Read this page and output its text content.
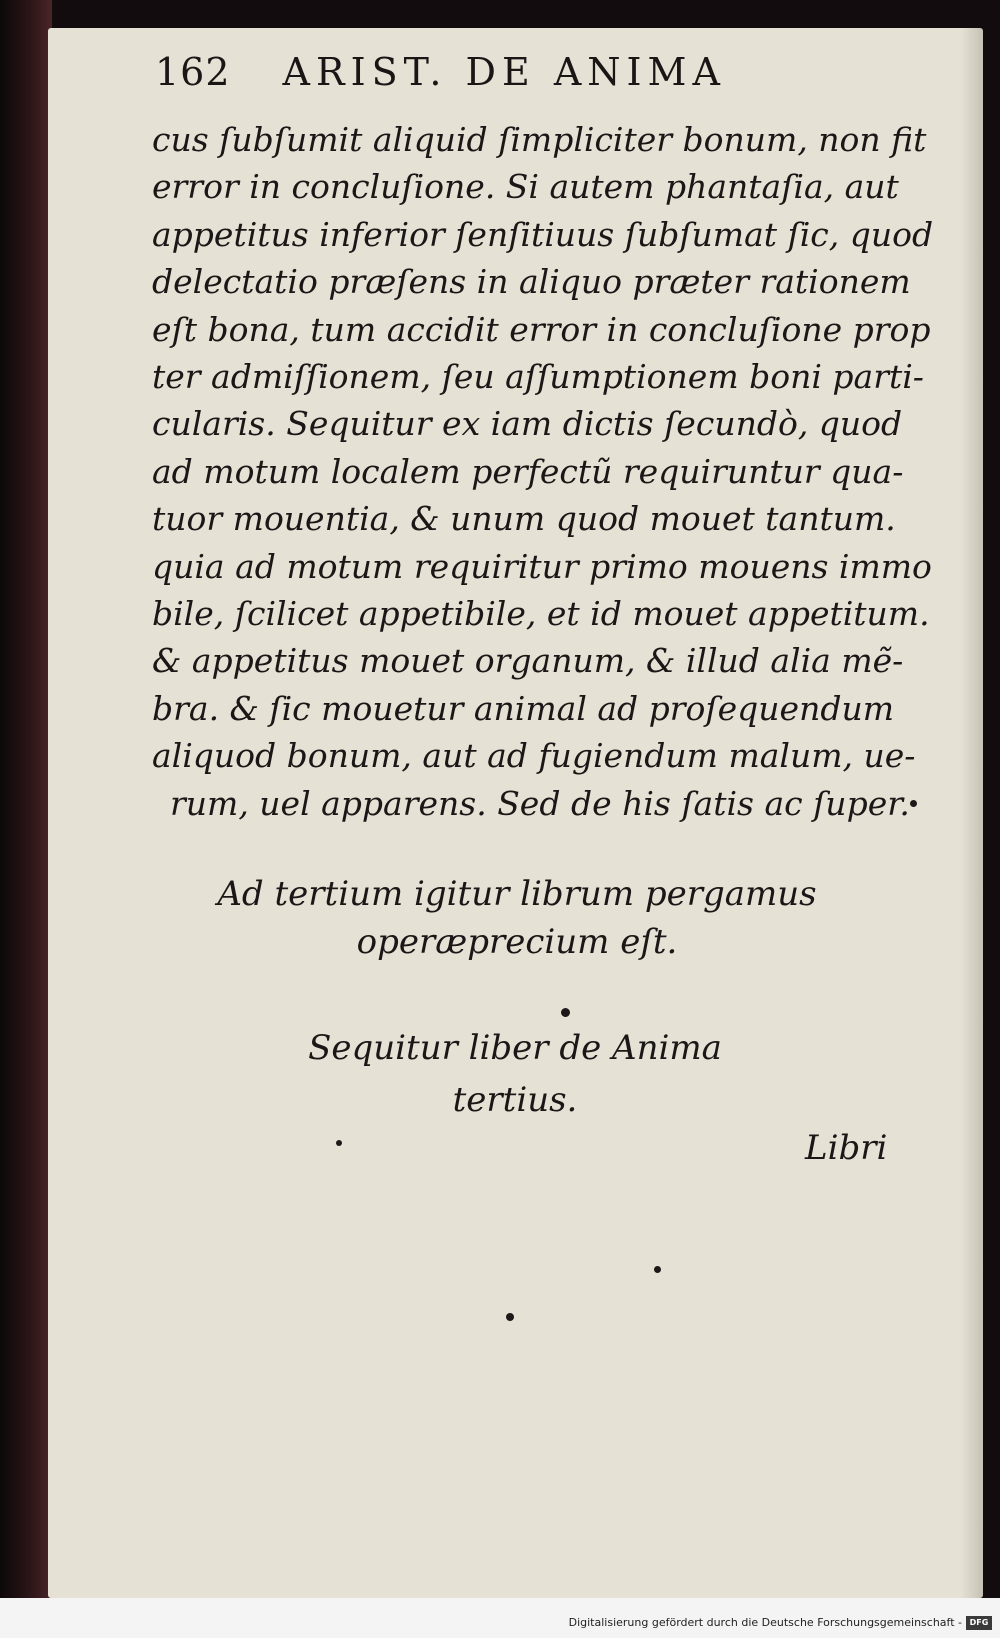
162 ARIST. DE ANIMA
cus ſubſumit aliquid ſimpliciter bonum, non fit
error in concluſione. Si autem phantaſia, aut
appetitus inferior ſenſitiuus ſubſumat ſic, quod
delectatio præſens in aliquo præter rationem
eſt bona, tum accidit error in concluſione prop
ter admiſſionem, ſeu aſſumptionem boni parti-
cularis. Sequitur ex iam dictis ſecundò, quod
ad motum localem perfectũ requiruntur qua-
tuor mouentia, & unum quod mouet tantum.
quia ad motum requiritur primo mouens immo
bile, ſcilicet appetibile, et id mouet appetitum.
& appetitus mouet organum, & illud alia mẽ-
bra. & ſic mouetur animal ad proſequendum
aliquod bonum, aut ad fugiendum malum, ue-
rum, uel apparens. Sed de his ſatis ac ſuper.
Ad tertium igitur librum pergamus
operæprecium eſt.
Sequitur liber de Anima
tertius.
Libri
Digitalisierung gefördert durch die Deutsche Forschungsgemeinschaft - DFG
